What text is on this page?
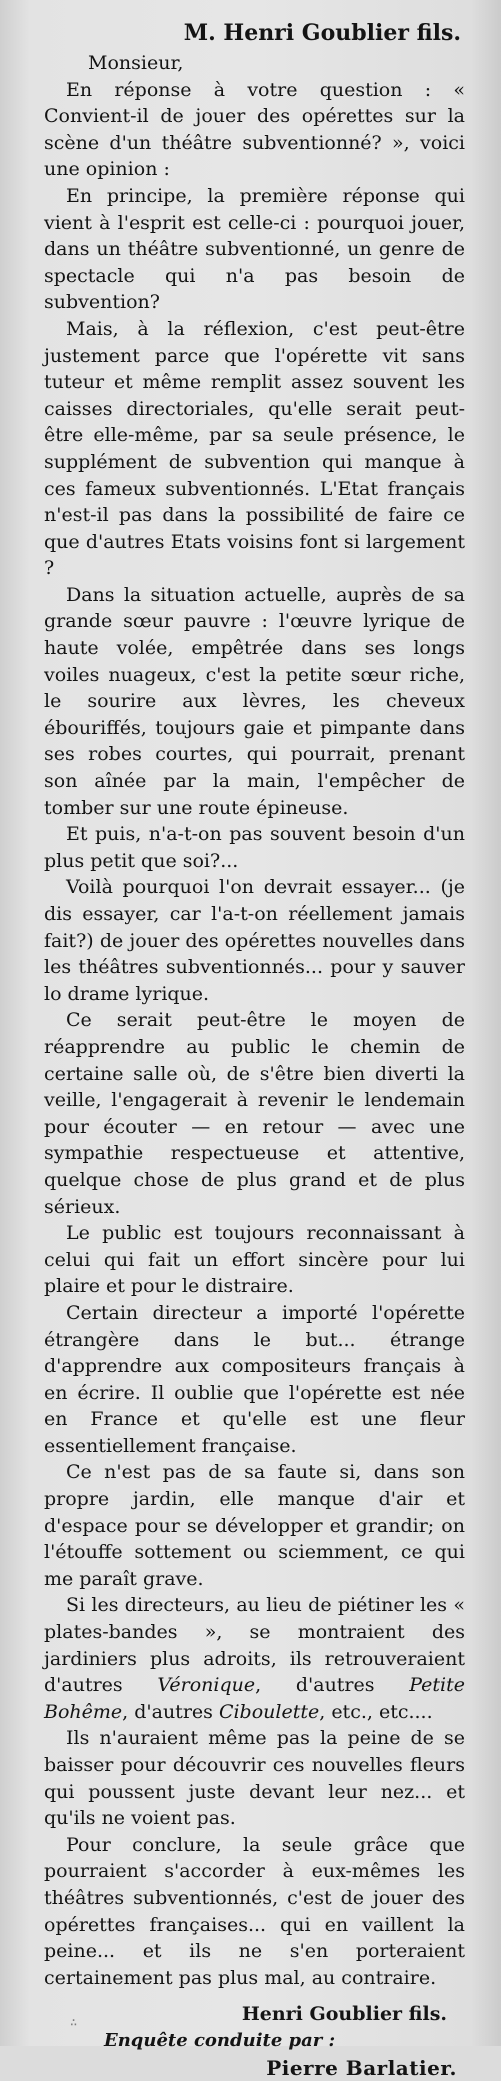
M. Henri Goublier fils.

Monsieur,

En réponse à votre question : « Convient-il de jouer des opérettes sur la scène d'un théâtre subventionné? », voici une opinion :

En principe, la première réponse qui vient à l'esprit est celle-ci : pourquoi jouer, dans un théâtre subventionné, un genre de spectacle qui n'a pas besoin de subvention?

Mais, à la réflexion, c'est peut-être justement parce que l'opérette vit sans tuteur et même remplit assez souvent les caisses directoriales, qu'elle serait peut-être elle-même, par sa seule présence, le supplément de subvention qui manque à ces fameux subventionnés. L'Etat français n'est-il pas dans la possibilité de faire ce que d'autres Etats voisins font si largement ?

Dans la situation actuelle, auprès de sa grande sœur pauvre : l'œuvre lyrique de haute volée, empêtrée dans ses longs voiles nuageux, c'est la petite sœur riche, le sourire aux lèvres, les cheveux ébouriffés, toujours gaie et pimpante dans ses robes courtes, qui pourrait, prenant son aînée par la main, l'empêcher de tomber sur une route épineuse.

Et puis, n'a-t-on pas souvent besoin d'un plus petit que soi?...

Voilà pourquoi l'on devrait essayer... (je dis essayer, car l'a-t-on réellement jamais fait?) de jouer des opérettes nouvelles dans les théâtres subventionnés... pour y sauver lo drame lyrique.

Ce serait peut-être le moyen de réapprendre au public le chemin de certaine salle où, de s'être bien diverti la veille, l'engagerait à revenir le lendemain pour écouter — en retour — avec une sympathie respectueuse et attentive, quelque chose de plus grand et de plus sérieux.

Le public est toujours reconnaissant à celui qui fait un effort sincère pour lui plaire et pour le distraire.

Certain directeur a importé l'opérette étrangère dans le but... étrange d'apprendre aux compositeurs français à en écrire. Il oublie que l'opérette est née en France et qu'elle est une fleur essentiellement française.

Ce n'est pas de sa faute si, dans son propre jardin, elle manque d'air et d'espace pour se développer et grandir; on l'étouffe sottement ou sciemment, ce qui me paraît grave.

Si les directeurs, au lieu de piétiner les « plates-bandes », se montraient des jardiniers plus adroits, ils retrouveraient d'autres Véronique, d'autres Petite Bohême, d'autres Ciboulette, etc., etc....

Ils n'auraient même pas la peine de se baisser pour découvrir ces nouvelles fleurs qui poussent juste devant leur nez... et qu'ils ne voient pas.

Pour conclure, la seule grâce que pourraient s'accorder à eux-mêmes les théâtres subventionnés, c'est de jouer des opérettes françaises... qui en vaillent la peine... et ils ne s'en porteraient certainement pas plus mal, au contraire.

Henri Goublier fils.
Enquête conduite par :
Pierre Barlatier.
∴
